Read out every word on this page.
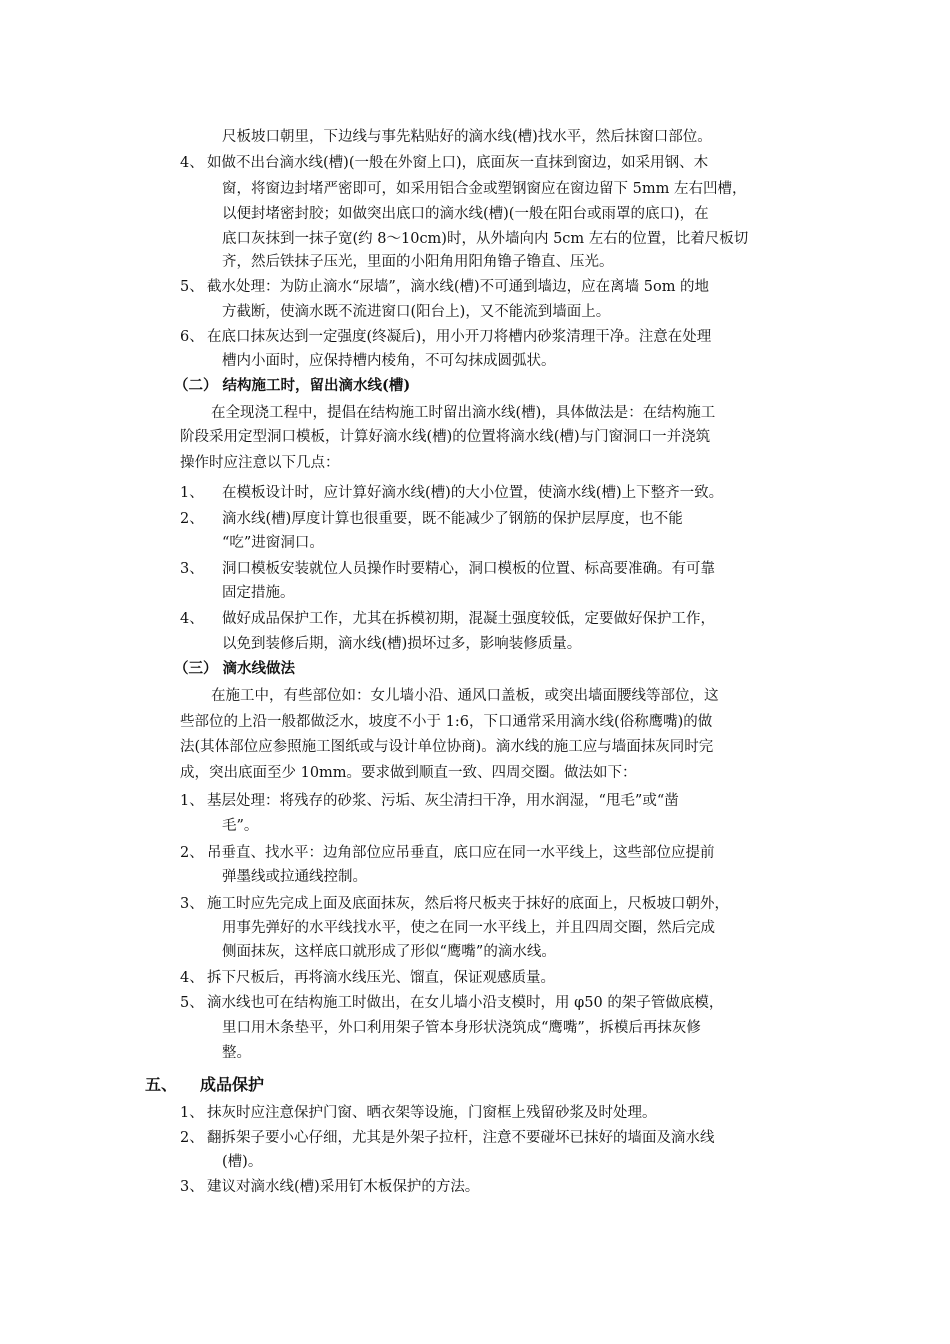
尺板坡口朝里，下边线与事先粘贴好的滴水线(槽)找水平，然后抹窗口部位。
4、 如做不出台滴水线(槽)(一般在外窗上口)，底面灰一直抹到窗边，如采用钢、木
窗，将窗边封堵严密即可，如采用铝合金或塑钢窗应在窗边留下 5mm 左右凹槽，
以便封堵密封胶；如做突出底口的滴水线(槽)(一般在阳台或雨罩的底口)，在
底口灰抹到一抹子宽(约 8～10cm)时，从外墙向内 5cm 左右的位置，比着尺板切
齐，然后铁抹子压光，里面的小阳角用阳角镥子镥直、压光。
5、 截水处理：为防止滴水“尿墙”，滴水线(槽)不可通到墙边，应在离墙 5om 的地
方截断，使滴水既不流进窗口(阳台上)，又不能流到墙面上。
6、 在底口抹灰达到一定强度(终凝后)，用小开刀将槽内砂浆清理干净。注意在处理
槽内小面时，应保持槽内棱角，不可勾抹成圆弧状。
（二） 结构施工时，留出滴水线(槽)
在全现浇工程中，提倡在结构施工时留出滴水线(槽)，具体做法是：在结构施工
阶段采用定型洞口模板，计算好滴水线(槽)的位置将滴水线(槽)与门窗洞口一并浇筑
操作时应注意以下几点：
1、 在模板设计时，应计算好滴水线(槽)的大小位置，使滴水线(槽)上下整齐一致。
2、 滴水线(槽)厚度计算也很重要，既不能减少了钢筋的保护层厚度，也不能
“吃”进窗洞口。
3、 洞口模板安装就位人员操作时要精心，洞口模板的位置、标高要准确。有可靠
固定措施。
4、 做好成品保护工作，尤其在拆模初期，混凝土强度较低，定要做好保护工作，
以免到装修后期，滴水线(槽)损坏过多，影响装修质量。
（三） 滴水线做法
在施工中，有些部位如：女儿墙小沿、通风口盖板，或突出墙面腰线等部位，这
些部位的上沿一般都做泛水，坡度不小于 1:6，下口通常采用滴水线(俗称鹰嘴)的做
法(其体部位应参照施工图纸或与设计单位协商)。滴水线的施工应与墙面抹灰同时完
成，突出底面至少 10mm。要求做到顺直一致、四周交圈。做法如下：
1、 基层处理：将残存的砂浆、污垢、灰尘清扫干净，用水润湿，“甩毛”或“凿
毛”。
2、 吊垂直、找水平：边角部位应吊垂直，底口应在同一水平线上，这些部位应提前
弹墨线或拉通线控制。
3、 施工时应先完成上面及底面抹灰，然后将尺板夹于抹好的底面上，尺板坡口朝外，
用事先弹好的水平线找水平，使之在同一水平线上，并且四周交圈，然后完成
侧面抹灰，这样底口就形成了形似“鹰嘴”的滴水线。
4、 拆下尺板后，再将滴水线压光、馏直，保证观感质量。
5、 滴水线也可在结构施工时做出，在女儿墙小沿支模时，用 φ50 的架子管做底模，
里口用木条垫平，外口利用架子管本身形状浇筑成“鹰嘴”，拆模后再抹灰修
整。
五、 成品保护
1、 抹灰时应注意保护门窗、晒衣架等设施，门窗框上残留砂浆及时处理。
2、 翻拆架子要小心仔细，尤其是外架子拉杆，注意不要碰坏已抹好的墙面及滴水线
(槽)。
3、 建议对滴水线(槽)采用钉木板保护的方法。
